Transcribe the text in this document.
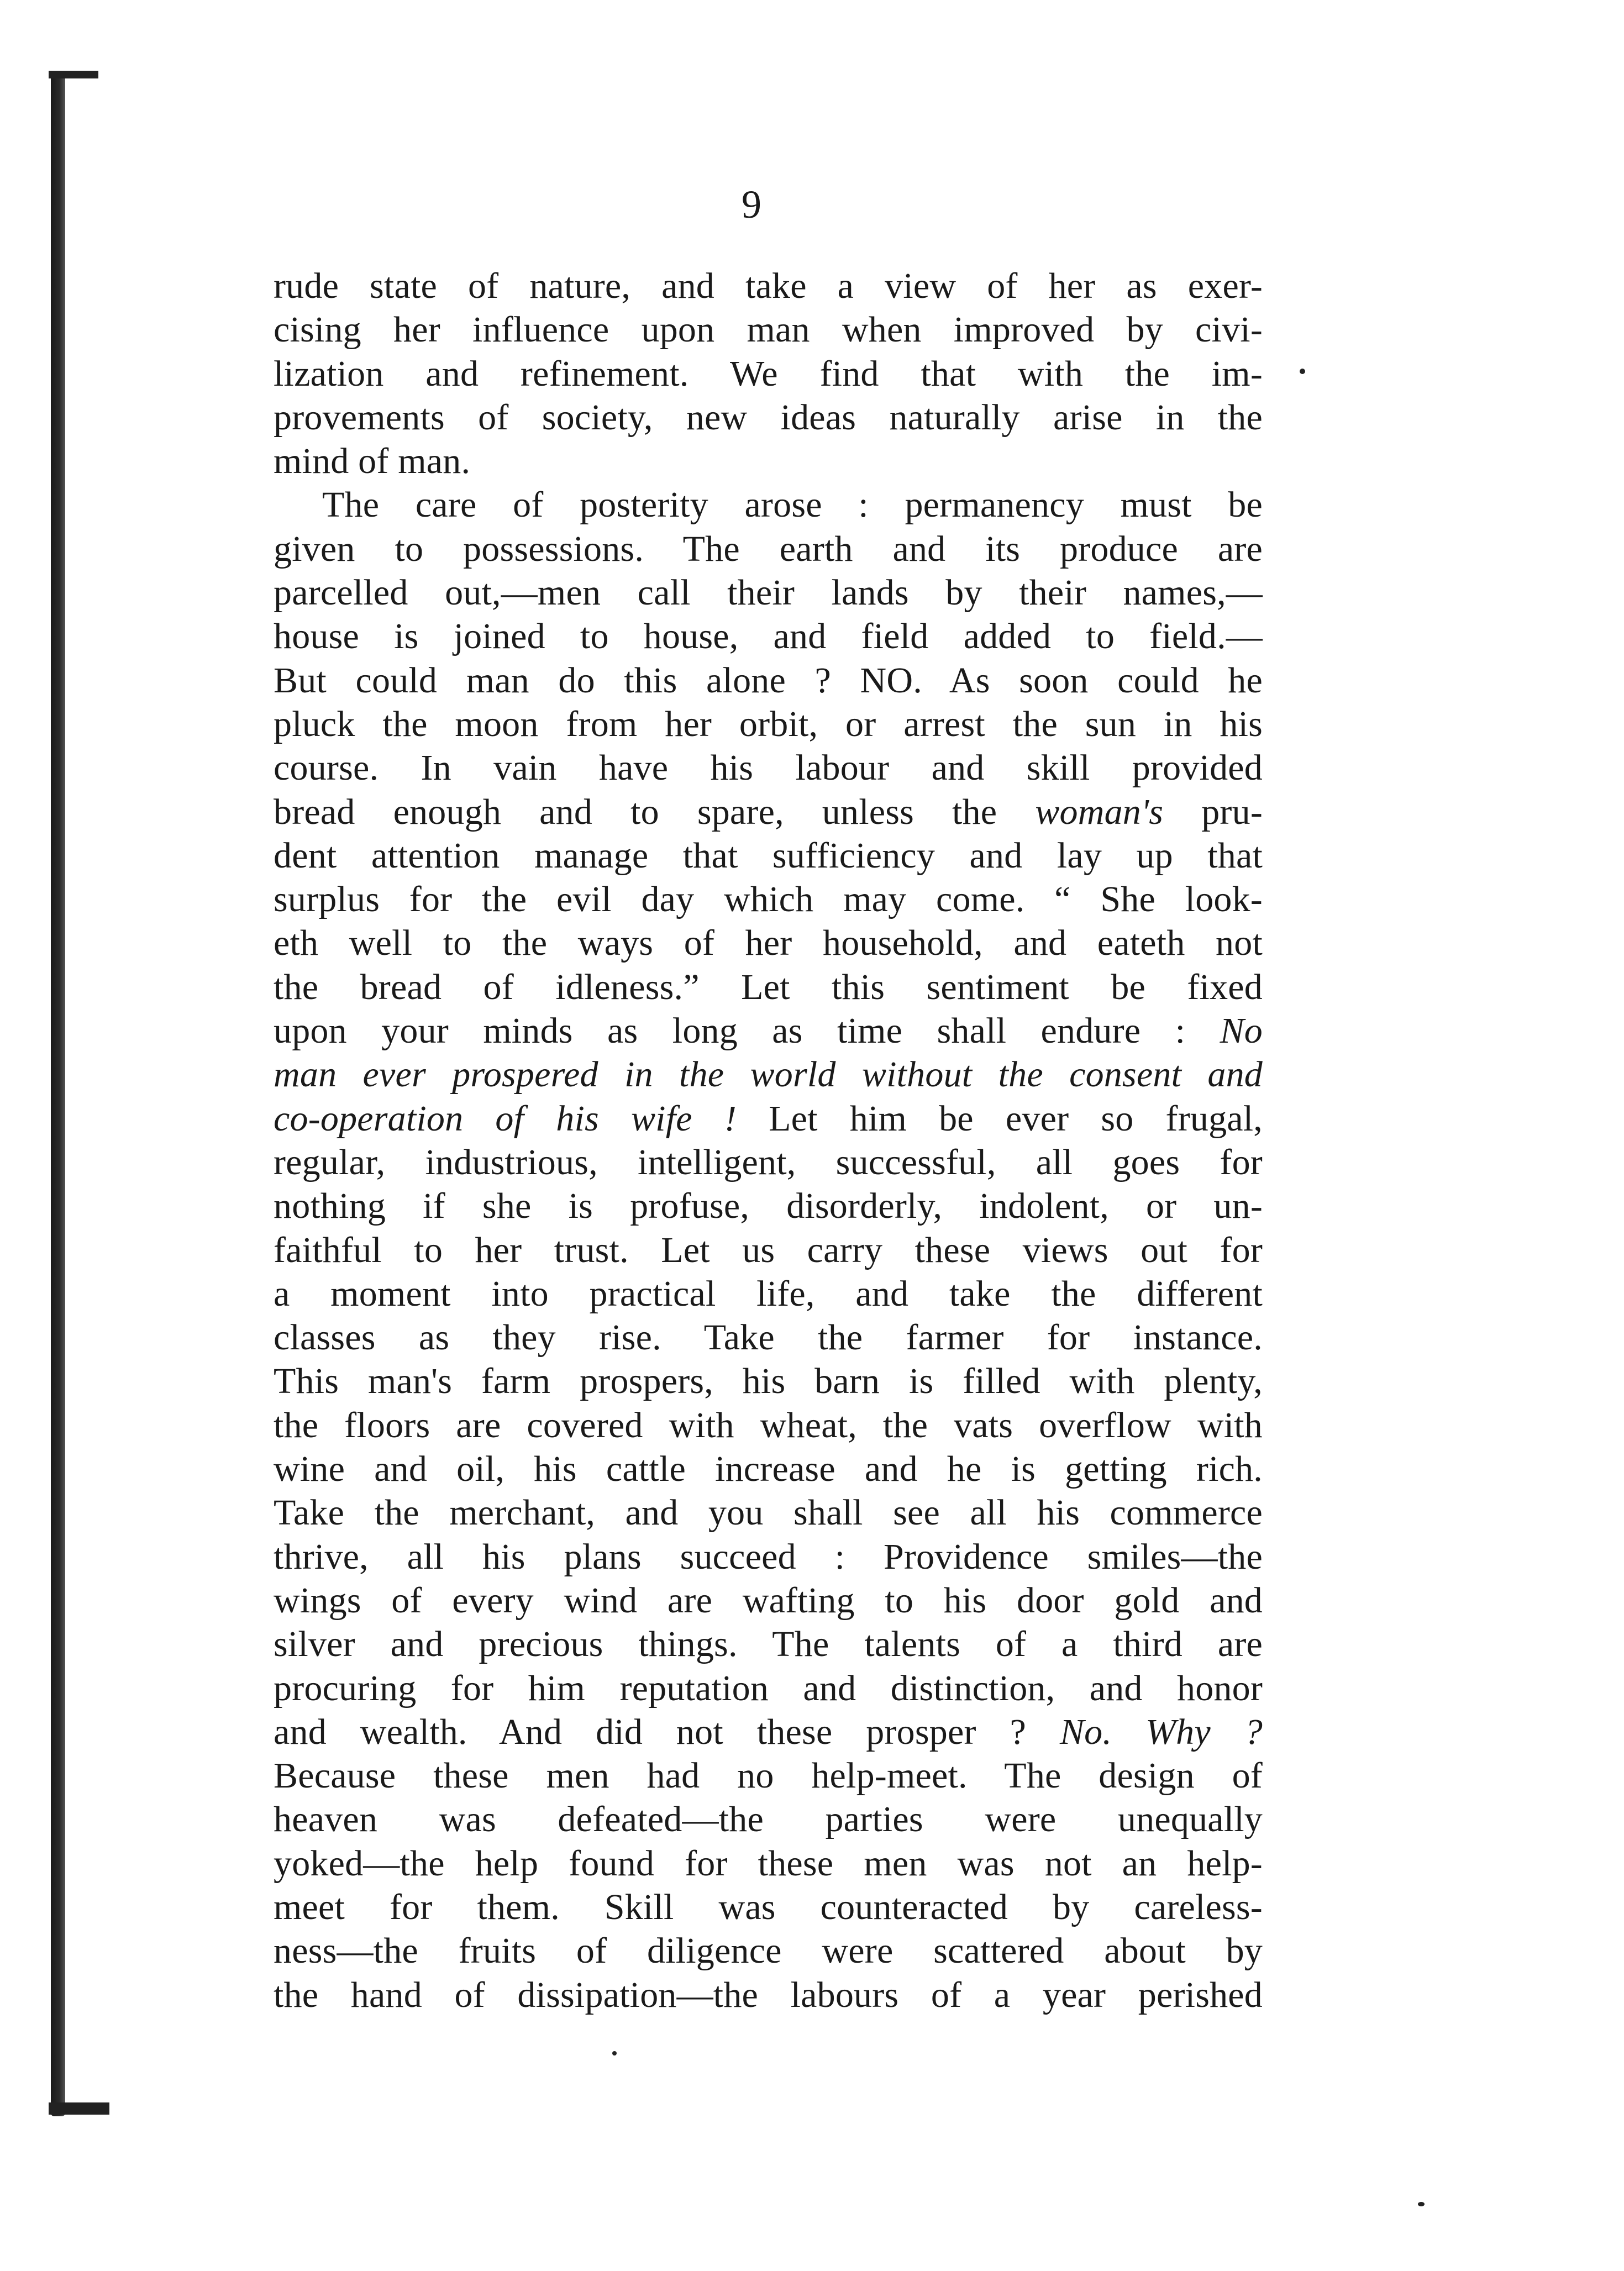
9
rude state of nature, and take a view of her as exer-
cising her influence upon man when improved by civi-
lization and refinement. We find that with the im-
provements of society, new ideas naturally arise in the
mind of man.
The care of posterity arose : permanency must be
given to possessions. The earth and its produce are
parcelled out,—men call their lands by their names,—
house is joined to house, and field added to field.—
But could man do this alone ? NO. As soon could he
pluck the moon from her orbit, or arrest the sun in his
course. In vain have his labour and skill provided
bread enough and to spare, unless the woman's pru-
dent attention manage that sufficiency and lay up that
surplus for the evil day which may come. “ She look-
eth well to the ways of her household, and eateth not
the bread of idleness.” Let this sentiment be fixed
upon your minds as long as time shall endure : No
man ever prospered in the world without the consent and
co-operation of his wife ! Let him be ever so frugal,
regular, industrious, intelligent, successful, all goes for
nothing if she is profuse, disorderly, indolent, or un-
faithful to her trust. Let us carry these views out for
a moment into practical life, and take the different
classes as they rise. Take the farmer for instance.
This man's farm prospers, his barn is filled with plenty,
the floors are covered with wheat, the vats overflow with
wine and oil, his cattle increase and he is getting rich.
Take the merchant, and you shall see all his commerce
thrive, all his plans succeed : Providence smiles—the
wings of every wind are wafting to his door gold and
silver and precious things. The talents of a third are
procuring for him reputation and distinction, and honor
and wealth. And did not these prosper ? No. Why ?
Because these men had no help-meet. The design of
heaven was defeated—the parties were unequally
yoked—the help found for these men was not an help-
meet for them. Skill was counteracted by careless-
ness—the fruits of diligence were scattered about by
the hand of dissipation—the labours of a year perished
